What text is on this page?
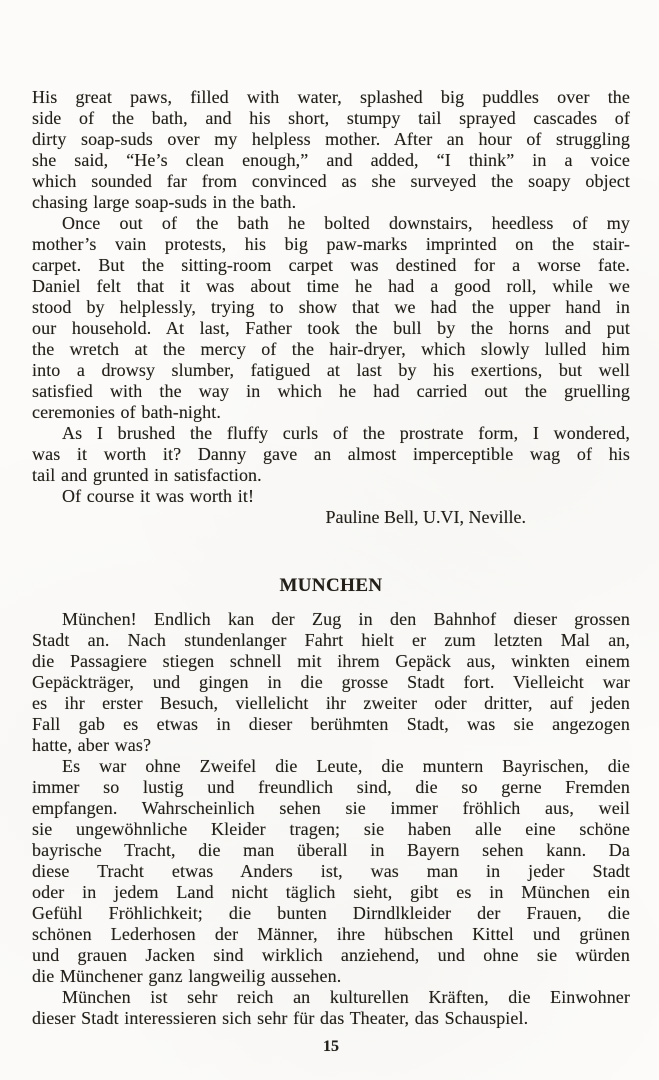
His great paws, filled with water, splashed big puddles over the
side of the bath, and his short, stumpy tail sprayed cascades of
dirty soap-suds over my helpless mother. After an hour of struggling
she said, “He’s clean enough,” and added, “I think” in a voice
which sounded far from convinced as she surveyed the soapy object
chasing large soap-suds in the bath.

Once out of the bath he bolted downstairs, heedless of my
mother’s vain protests, his big paw-marks imprinted on the stair-
carpet. But the sitting-room carpet was destined for a worse fate.
Daniel felt that it was about time he had a good roll, while we
stood by helplessly, trying to show that we had the upper hand in
our household. At last, Father took the bull by the horns and put
the wretch at the mercy of the hair-dryer, which slowly lulled him
into a drowsy slumber, fatigued at last by his exertions, but well
satisfied with the way in which he had carried out the gruelling
ceremonies of bath-night.

As I brushed the fluffy curls of the prostrate form, I wondered,
was it worth it? Danny gave an almost imperceptible wag of his
tail and grunted in satisfaction.

Of course it was worth it!

Pauline Bell, U.VI, Neville.
MUNCHEN

München! Endlich kan der Zug in den Bahnhof dieser grossen
Stadt an. Nach stundenlanger Fahrt hielt er zum letzten Mal an,
die Passagiere stiegen schnell mit ihrem Gepäck aus, winkten einem
Gepäckträger, und gingen in die grosse Stadt fort. Vielleicht war
es ihr erster Besuch, viellelicht ihr zweiter oder dritter, auf jeden
Fall gab es etwas in dieser berühmten Stadt, was sie angezogen
hatte, aber was?

Es war ohne Zweifel die Leute, die muntern Bayrischen, die
immer so lustig und freundlich sind, die so gerne Fremden
empfangen. Wahrscheinlich sehen sie immer fröhlich aus, weil
sie ungewöhnliche Kleider tragen; sie haben alle eine schöne
bayrische Tracht, die man überall in Bayern sehen kann. Da
diese Tracht etwas Anders ist, was man in jeder Stadt
oder in jedem Land nicht täglich sieht, gibt es in München ein
Gefühl Fröhlichkeit; die bunten Dirndlkleider der Frauen, die
schönen Lederhosen der Männer, ihre hübschen Kittel und grünen
und grauen Jacken sind wirklich anziehend, und ohne sie würden
die Münchener ganz langweilig aussehen.

München ist sehr reich an kulturellen Kräften, die Einwohner
dieser Stadt interessieren sich sehr für das Theater, das Schauspiel.

15
